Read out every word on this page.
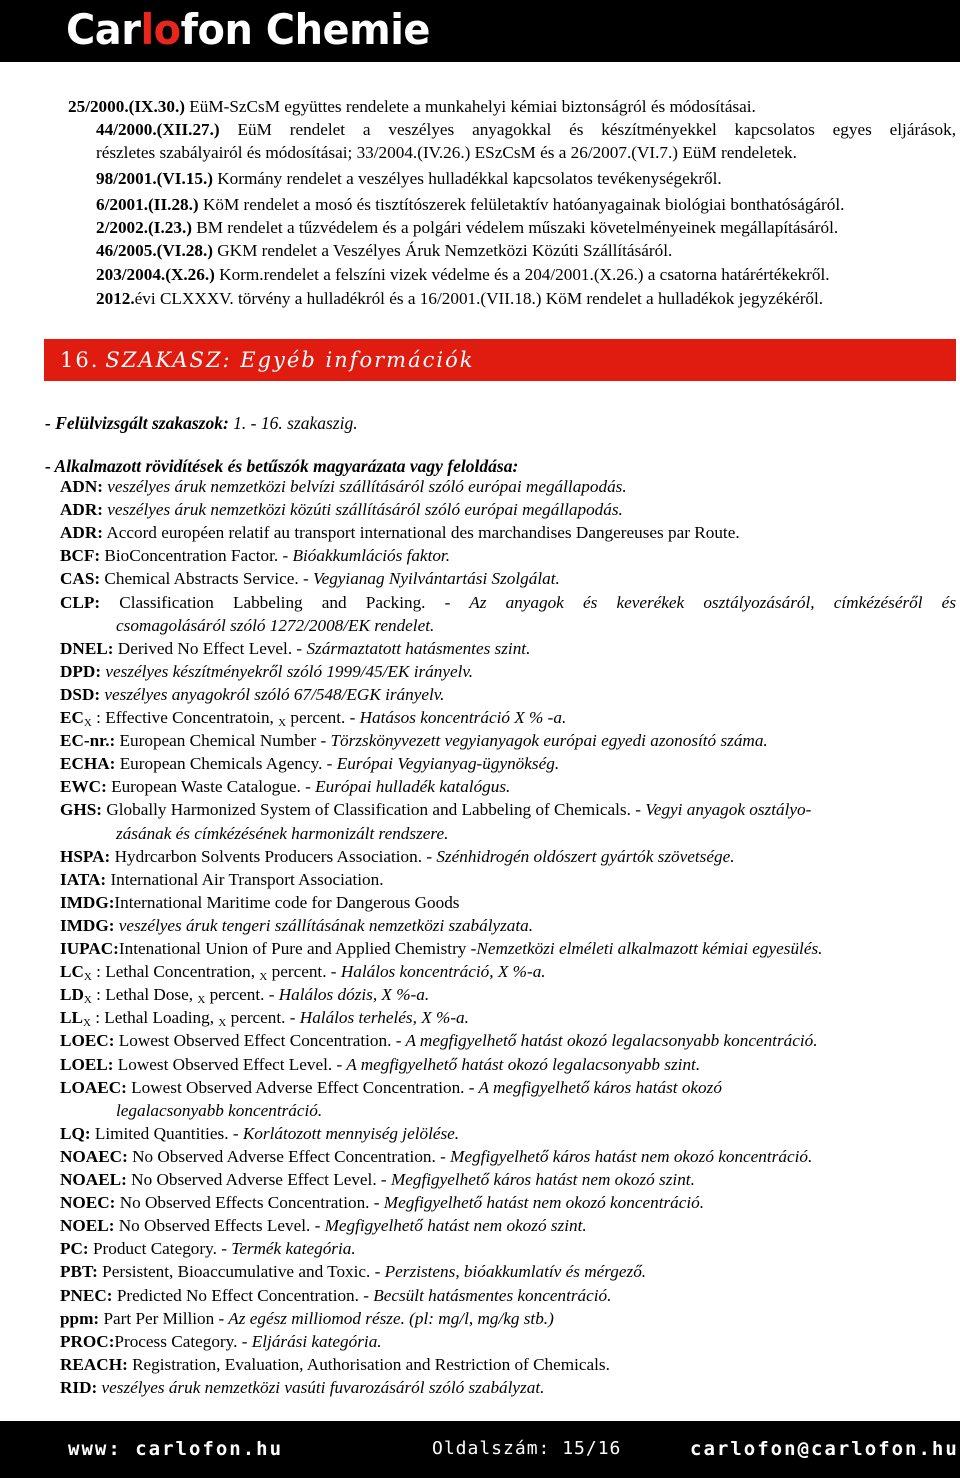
Carlofon Chemie
25/2000.(IX.30.) EüM-SzCsM együttes rendelete a munkahelyi kémiai biztonságról és módosításai.
44/2000.(XII.27.) EüM rendelet a veszélyes anyagokkal és készítményekkel kapcsolatos egyes eljárások,
részletes szabályairól és módosításai; 33/2004.(IV.26.) ESzCsM és a 26/2007.(VI.7.) EüM rendeletek.
98/2001.(VI.15.) Kormány rendelet a veszélyes hulladékkal kapcsolatos tevékenységekről.
6/2001.(II.28.) KöM rendelet a mosó és tisztítószerek felületaktív hatóanyagainak biológiai bonthatóságáról.
2/2002.(I.23.) BM rendelet a tűzvédelem és a polgári védelem műszaki követelményeinek megállapításáról.
46/2005.(VI.28.) GKM rendelet a Veszélyes Áruk Nemzetközi Közúti Szállításáról.
203/2004.(X.26.) Korm.rendelet a felszíni vizek védelme és a 204/2001.(X.26.) a csatorna határértékekről.
2012.évi CLXXXV. törvény a hulladékról és a 16/2001.(VII.18.) KöM rendelet a hulladékok jegyzékéről.
16. SZAKASZ: Egyéb információk
- Felülvizsgált szakaszok: 1. - 16. szakaszig.
- Alkalmazott rövidítések és betűszók magyarázata vagy feloldása:
ADN: veszélyes áruk nemzetközi belvízi szállításáról szóló európai megállapodás.
ADR: veszélyes áruk nemzetközi közúti szállításáról szóló európai megállapodás.
ADR: Accord européen relatif au transport international des marchandises Dangereuses par Route.
BCF: BioConcentration Factor. - Bióakkumlációs faktor.
CAS: Chemical Abstracts Service. - Vegyianag Nyilvántartási Szolgálat.
CLP: Classification Labbeling and Packing. - Az anyagok és keverékek osztályozásáról, címkézéséről és
csomagolásáról szóló 1272/2008/EK rendelet.
DNEL: Derived No Effect Level. - Származtatott hatásmentes szint.
DPD: veszélyes készítményekről szóló 1999/45/EK irányelv.
DSD: veszélyes anyagokról szóló 67/548/EGK irányelv.
$EC_X$ : Effective Concentratoin, $_X$ percent. - Hatásos koncentráció X % -a.
EC-nr.: European Chemical Number - Törzskönyvezett vegyianyagok európai egyedi azonosító száma.
ECHA: European Chemicals Agency. - Európai Vegyianyag-ügynökség.
EWC: European Waste Catalogue. - Európai hulladék katalógus.
GHS: Globally Harmonized System of Classification and Labbeling of Chemicals. - Vegyi anyagok osztályo-
zásának és címkézésének harmonizált rendszere.
HSPA: Hydrcarbon Solvents Producers Association. - Szénhidrogén oldószert gyártók szövetsége.
IATA: International Air Transport Association.
IMDG:International Maritime code for Dangerous Goods
IMDG: veszélyes áruk tengeri szállításának nemzetközi szabályzata.
IUPAC:Intenational Union of Pure and Applied Chemistry -Nemzetközi elméleti alkalmazott kémiai egyesülés.
$LC_X$ : Lethal Concentration, $_X$ percent. - Halálos koncentráció, X %-a.
$LD_X$ : Lethal Dose, $_X$ percent. - Halálos dózis, X %-a.
$LL_X$ : Lethal Loading, $_X$ percent. - Halálos terhelés, X %-a.
LOEC: Lowest Observed Effect Concentration. - A megfigyelhető hatást okozó legalacsonyabb koncentráció.
LOEL: Lowest Observed Effect Level. - A megfigyelhető hatást okozó legalacsonyabb szint.
LOAEC: Lowest Observed Adverse Effect Concentration. - A megfigyelhető káros hatást okozó
legalacsonyabb koncentráció.
LQ: Limited Quantities. - Korlátozott mennyiség jelölése.
NOAEC: No Observed Adverse Effect Concentration. - Megfigyelhető káros hatást nem okozó koncentráció.
NOAEL: No Observed Adverse Effect Level. - Megfigyelhető káros hatást nem okozó szint.
NOEC: No Observed Effects Concentration. - Megfigyelhető hatást nem okozó koncentráció.
NOEL: No Observed Effects Level. - Megfigyelhető hatást nem okozó szint.
PC: Product Category. - Termék kategória.
PBT: Persistent, Bioaccumulative and Toxic. - Perzistens, bióakkumlatív és mérgező.
PNEC: Predicted No Effect Concentration. - Becsült hatásmentes koncentráció.
ppm: Part Per Million - Az egész milliomod része. (pl: mg/l, mg/kg stb.)
PROC:Process Category. - Eljárási kategória.
REACH: Registration, Evaluation, Authorisation and Restriction of Chemicals.
RID: veszélyes áruk nemzetközi vasúti fuvarozásáról szóló szabályzat.
www: carlofon.hu	Oldalszám: 15/16	carlofon@carlofon.hu
